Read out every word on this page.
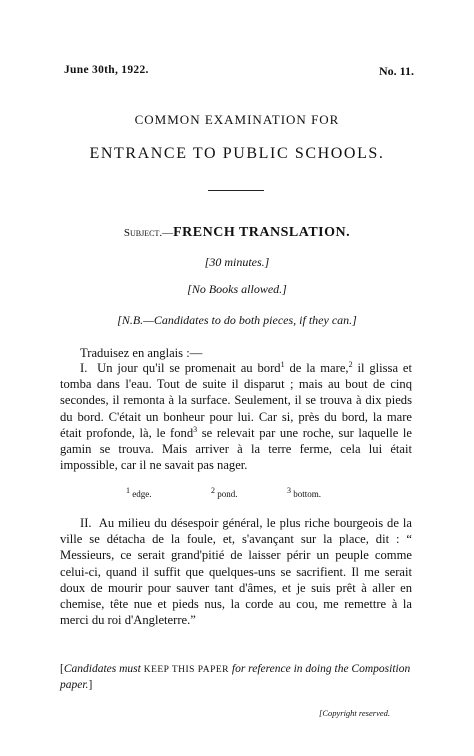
June 30th, 1922.	No. 11.
COMMON EXAMINATION FOR
ENTRANCE TO PUBLIC SCHOOLS.
Subject.—FRENCH TRANSLATION.
[30 minutes.]
[No Books allowed.]
[N.B.—Candidates to do both pieces, if they can.]
Traduisez en anglais :—
I. Un jour qu'il se promenait au bord$^1$ de la mare,$^2$ il glissa et tomba dans l'eau. Tout de suite il disparut ; mais au bout de cinq secondes, il remonta à la surface. Seulement, il se trouva à dix pieds du bord. C'était un bonheur pour lui. Car si, près du bord, la mare était profonde, là, le fond$^3$ se relevait par une roche, sur laquelle le gamin se trouva. Mais arriver à la terre ferme, cela lui était impossible, car il ne savait pas nager.
$^1$ edge.	$^2$ pond.	$^3$ bottom.
II. Au milieu du désespoir général, le plus riche bourgeois de la ville se détacha de la foule, et, s'avançant sur la place, dit : “ Messieurs, ce serait grand'pitié de laisser périr un peuple comme celui-ci, quand il suffit que quelques-uns se sacrifient. Il me serait doux de mourir pour sauver tant d'âmes, et je suis prêt à aller en chemise, tête nue et pieds nus, la corde au cou, me remettre à la merci du roi d'Angleterre.”
[Candidates must KEEP THIS PAPER for reference in doing the Composition paper.]
[Copyright reserved.
